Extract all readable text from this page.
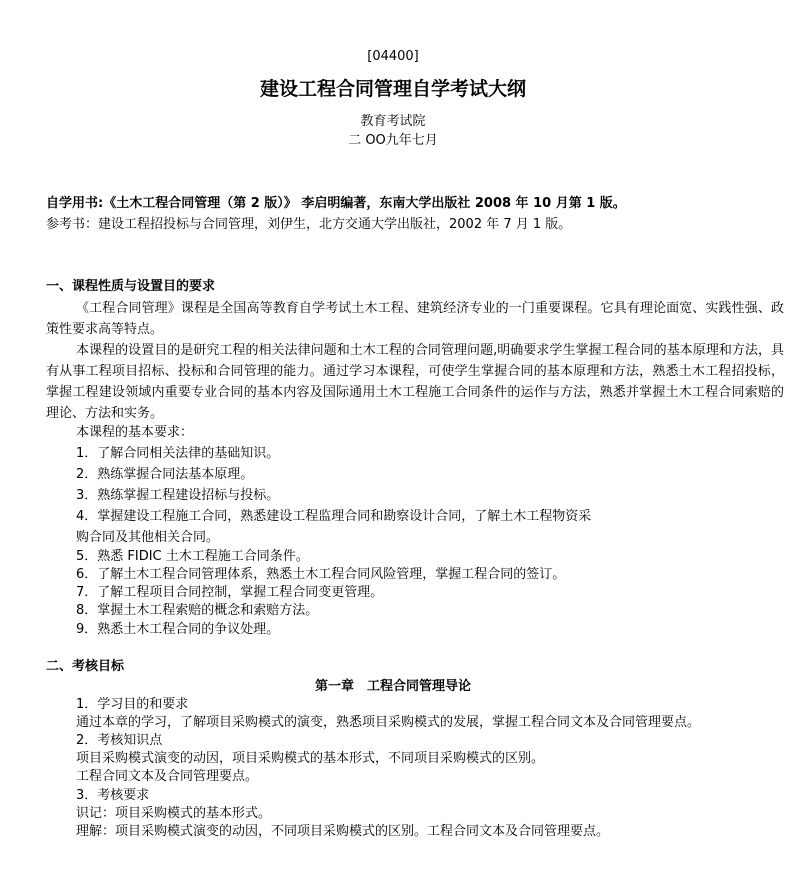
[04400]
建设工程合同管理自学考试大纲
教育考试院
二 OO九年七月
自学用书:《土木工程合同管理（第 2 版）》 李启明编著，东南大学出版社 2008 年 10 月第 1 版。
参考书：建设工程招投标与合同管理，刘伊生，北方交通大学出版社，2002 年 7 月 1 版。
一、课程性质与设置目的要求
《工程合同管理》课程是全国高等教育自学考试土木工程、建筑经济专业的一门重要课程。它具有理论面宽、实践性强、政策性要求高等特点。
本课程的设置目的是研究工程的相关法律问题和土木工程的合同管理问题,明确要求学生掌握工程合同的基本原理和方法，具有从事工程项目招标、投标和合同管理的能力。通过学习本课程，可使学生掌握合同的基本原理和方法，熟悉土木工程招投标，掌握工程建设领域内重要专业合同的基本内容及国际通用土木工程施工合同条件的运作与方法，熟悉并掌握土木工程合同索赔的理论、方法和实务。
本课程的基本要求：
1．了解合同相关法律的基础知识。
2．熟练掌握合同法基本原理。
3．熟练掌握工程建设招标与投标。
4．掌握建设工程施工合同，熟悉建设工程监理合同和勘察设计合同，了解土木工程物资采
购合同及其他相关合同。
5．熟悉 FIDIC 土木工程施工合同条件。
6．了解土木工程合同管理体系，熟悉土木工程合同风险管理，掌握工程合同的签订。
7．了解工程项目合同控制，掌握工程合同变更管理。
8．掌握土木工程索赔的概念和索赔方法。
9．熟悉土木工程合同的争议处理。
二、考核目标
第一章　工程合同管理导论
1．学习目的和要求
通过本章的学习，了解项目采购模式的演变，熟悉项目采购模式的发展，掌握工程合同文本及合同管理要点。
2．考核知识点
项目采购模式演变的动因，项目采购模式的基本形式，不同项目采购模式的区别。
工程合同文本及合同管理要点。
3．考核要求
识记：项目采购模式的基本形式。
理解：项目采购模式演变的动因，不同项目采购模式的区别。工程合同文本及合同管理要点。
